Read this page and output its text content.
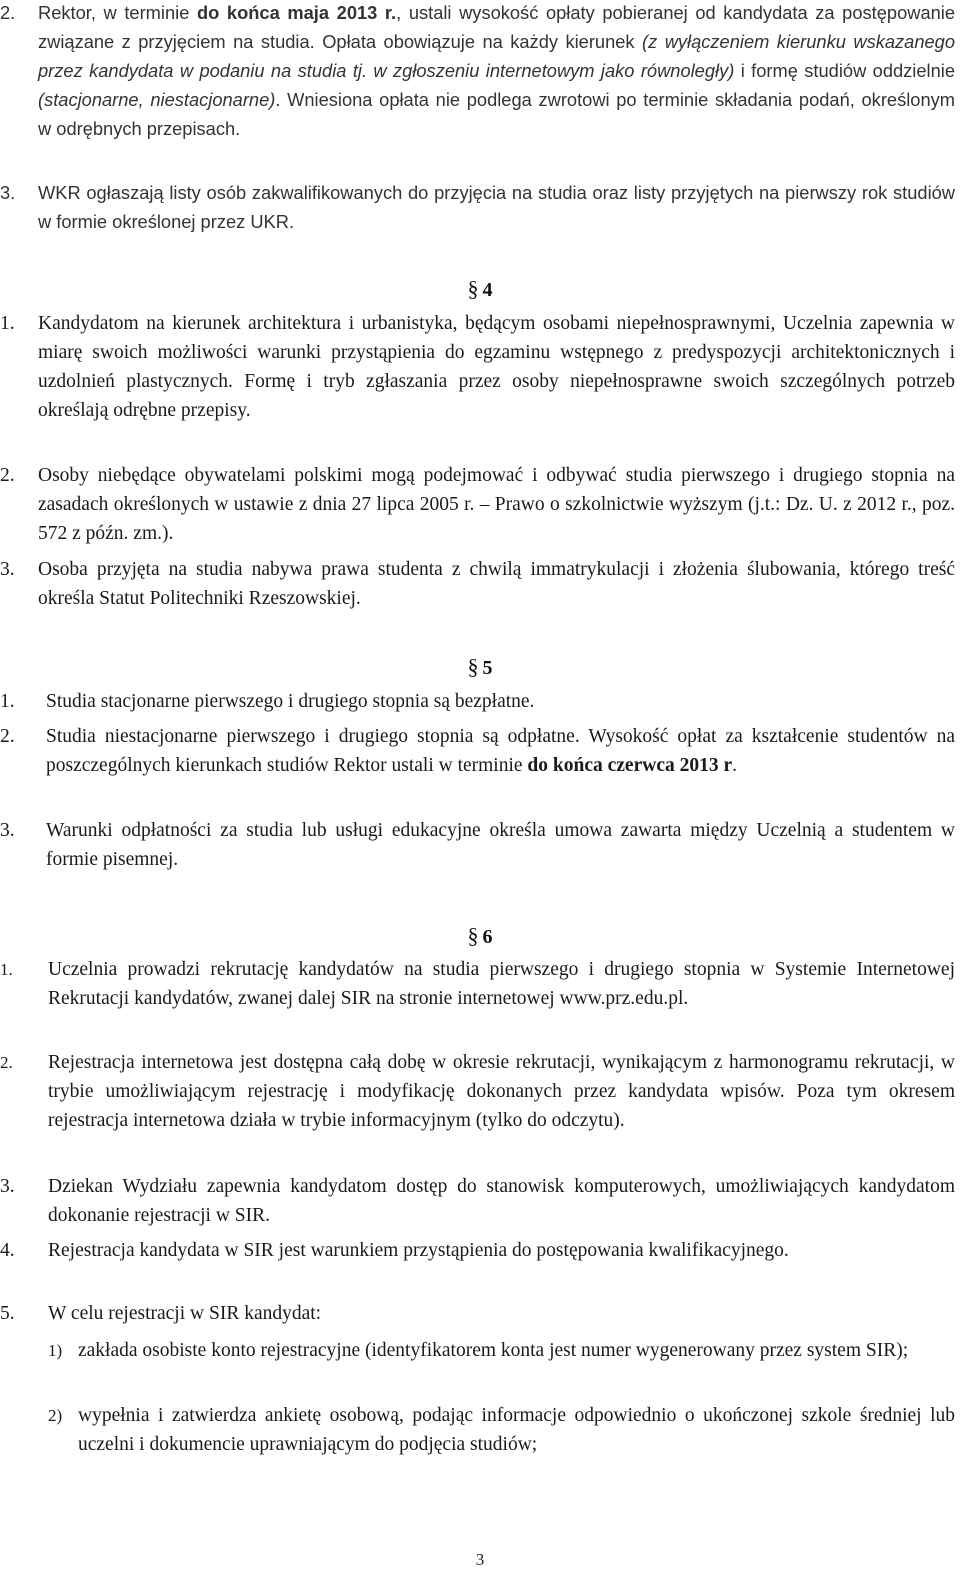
2.	Rektor, w terminie do końca maja 2013 r., ustali wysokość opłaty pobieranej od kandydata za postępowanie związane z przyjęciem na studia. Opłata obowiązuje na każdy kierunek (z wyłączeniem kierunku wskazanego przez kandydata w podaniu na studia tj. w zgłoszeniu internetowym jako równoległy) i formę studiów oddzielnie (stacjonarne, niestacjonarne). Wniesiona opłata nie podlega zwrotowi po terminie składania podań, określonym w odrębnych przepisach.
3.	WKR ogłaszają listy osób zakwalifikowanych do przyjęcia na studia oraz listy przyjętych na pierwszy rok studiów w formie określonej przez UKR.
§ 4
1.	Kandydatom na kierunek architektura i urbanistyka, będącym osobami niepełnosprawnymi, Uczelnia zapewnia w miarę swoich możliwości warunki przystąpienia do egzaminu wstępnego z predyspozycji architektonicznych i uzdolnień plastycznych. Formę i tryb zgłaszania przez osoby niepełnosprawne swoich szczególnych potrzeb określają odrębne przepisy.
2.	Osoby niebędące obywatelami polskimi mogą podejmować i odbywać studia pierwszego i drugiego stopnia na zasadach określonych w ustawie z dnia 27 lipca 2005 r. – Prawo o szkolnictwie wyższym (j.t.: Dz. U. z 2012 r., poz. 572 z późn. zm.).
3.	Osoba przyjęta na studia nabywa prawa studenta z chwilą immatrykulacji i złożenia ślubowania, którego treść określa Statut Politechniki Rzeszowskiej.
§ 5
1.	Studia stacjonarne pierwszego i drugiego stopnia są bezpłatne.
2.	Studia niestacjonarne pierwszego i drugiego stopnia są odpłatne. Wysokość opłat za kształcenie studentów na poszczególnych kierunkach studiów Rektor ustali w terminie do końca czerwca 2013 r.
3.	Warunki odpłatności za studia lub usługi edukacyjne określa umowa zawarta między Uczelnią a studentem w formie pisemnej.
§ 6
1.	Uczelnia prowadzi rekrutację kandydatów na studia pierwszego i drugiego stopnia w Systemie Internetowej Rekrutacji kandydatów, zwanej dalej SIR na stronie internetowej www.prz.edu.pl.
2.	Rejestracja internetowa jest dostępna całą dobę w okresie rekrutacji, wynikającym z harmonogramu rekrutacji, w trybie umożliwiającym rejestrację i modyfikację dokonanych przez kandydata wpisów. Poza tym okresem rejestracja internetowa działa w trybie informacyjnym (tylko do odczytu).
3.	Dziekan Wydziału zapewnia kandydatom dostęp do stanowisk komputerowych, umożliwiających kandydatom dokonanie rejestracji w SIR.
4.	Rejestracja kandydata w SIR jest warunkiem przystąpienia do postępowania kwalifikacyjnego.
5.	W celu rejestracji w SIR kandydat:
1) zakłada osobiste konto rejestracyjne (identyfikatorem konta jest numer wygenerowany przez system SIR);
2) wypełnia i zatwierdza ankietę osobową, podając informacje odpowiednio o ukończonej szkole średniej lub uczelni i dokumencie uprawniającym do podjęcia studiów;
3
